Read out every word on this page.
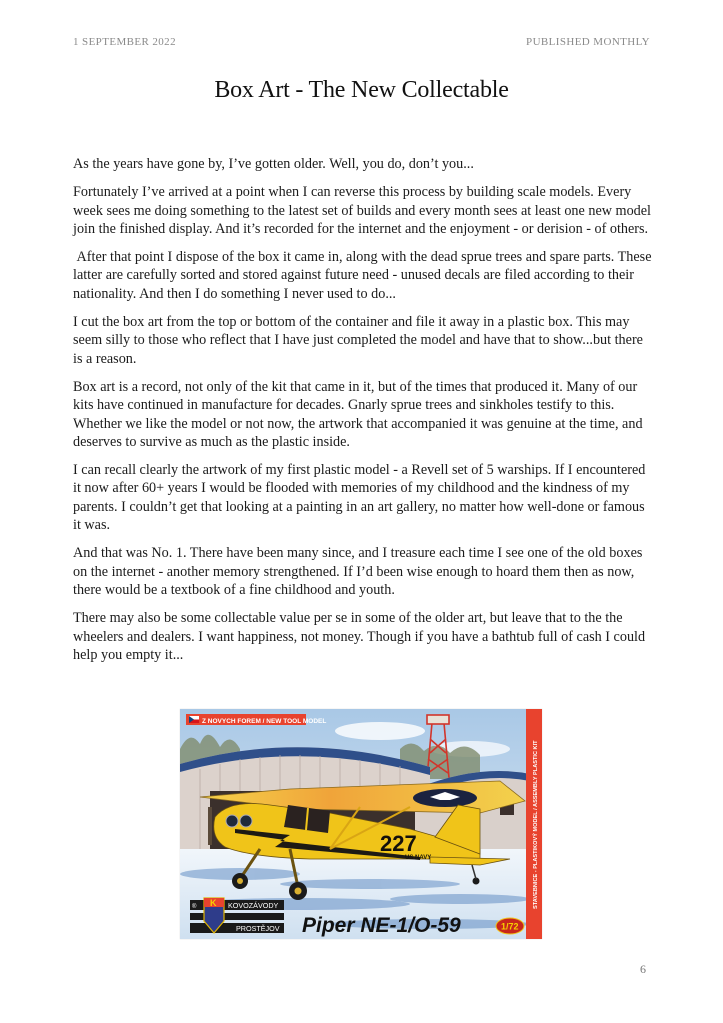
1 SEPTEMBER 2022	PUBLISHED MONTHLY
Box Art - The New Collectable

As the years have gone by, I’ve gotten older. Well, you do, don’t you...

Fortunately I’ve arrived at a point when I can reverse this process by building scale models. Every week sees me doing something to the latest set of builds and every month sees at least one new model join the finished display. And it’s recorded for the internet and the enjoyment - or derision - of others.

After that point I dispose of the box it came in, along with the dead sprue trees and spare parts. These latter are carefully sorted and stored against future need - unused decals are filed according to their nationality. And then I do something I never used to do...

I cut the box art from the top or bottom of the container and file it away in a plastic box. This may seem silly to those who reflect that I have just completed the model and have that to show...but there is a reason.

Box art is a record, not only of the kit that came in it, but of the times that produced it. Many of our kits have continued in manufacture for decades. Gnarly sprue trees and sinkholes testify to this. Whether we like the model or not now, the artwork that accompanied it was genuine at the time, and deserves to survive as much as the plastic inside.

I can recall clearly the artwork of my first plastic model - a Revell set of 5 warships. If I encountered it now after 60+ years I would be flooded with memories of my childhood and the kindness of my parents. I couldn’t get that looking at a painting in an art gallery, no matter how well-done or famous it was.

And that was No. 1. There have been many since, and I treasure each time I see one of the old boxes on the internet - another memory strengthened. If I’d been wise enough to hoard them then as now, there would be a textbook of a fine childhood and youth.

There may also be some collectable value per se in some of the older art, but leave that to the the wheelers and dealers. I want happiness, not money. Though if you have a bathtub full of cash I could help you empty it...

227
US NAVY
Z NOVYCH FOREM / NEW TOOL MODEL
STAVEBNICE - PLASTIKOVÝ MODEL / ASSEMBLY PLASTIC KIT
K
®	KOVOZÁVODY
PROSTĚJOV Piper NE-1/O-59	1/72
6
